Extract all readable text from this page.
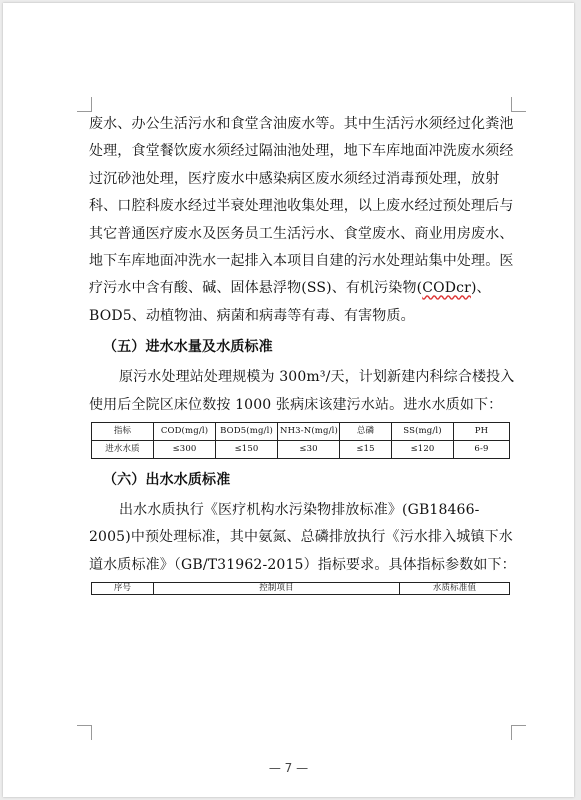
废水、办公生活污水和食堂含油废水等。其中生活污水须经过化粪池处理，食堂餐饮废水须经过隔油池处理，地下车库地面冲洗废水须经过沉砂池处理，医疗废水中感染病区废水须经过消毒预处理，放射科、口腔科废水经过半衰处理池收集处理，以上废水经过预处理后与其它普通医疗废水及医务员工生活污水、食堂废水、商业用房废水、地下车库地面冲洗水一起排入本项目自建的污水处理站集中处理。医疗污水中含有酸、碱、固体悬浮物(SS)、有机污染物(CODcr)、BOD5、动植物油、病菌和病毒等有毒、有害物质。

（五）进水水量及水质标准

原污水处理站处理规模为 300m³/天，计划新建内科综合楼投入使用后全院区床位数按 1000 张病床该建污水站。进水水质如下：

指标	COD(mg/l)	BOD5(mg/l)	NH3-N(mg/l)	总磷	SS(mg/l)	PH
进水水质	≤300	≤150	≤30	≤15	≤120	6-9
（六）出水水质标准

出水水质执行《医疗机构水污染物排放标准》(GB18466-2005)中预处理标准，其中氨氮、总磷排放执行《污水排入城镇下水道水质标准》（GB/T31962-2015）指标要求。具体指标参数如下：

序号	控制项目	水质标准值
— 7 —
